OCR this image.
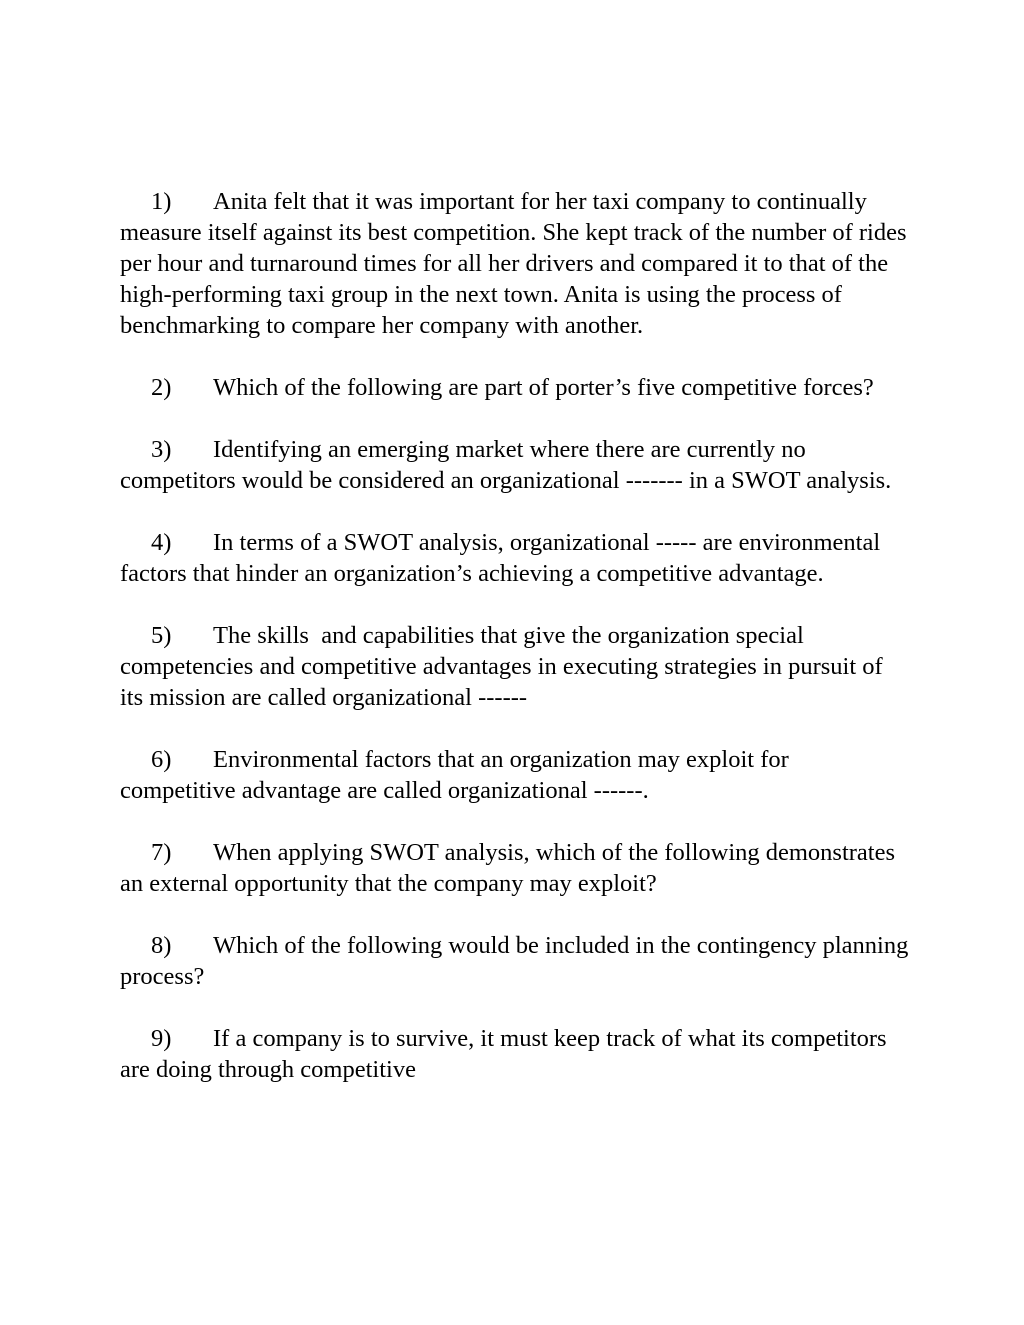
1) Anita felt that it was important for her taxi company to continually measure itself against its best competition. She kept track of the number of rides per hour and turnaround times for all her drivers and compared it to that of the high-performing taxi group in the next town. Anita is using the process of benchmarking to compare her company with another.

2) Which of the following are part of porter’s five competitive forces?

3) Identifying an emerging market where there are currently no competitors would be considered an organizational ------- in a SWOT analysis.

4) In terms of a SWOT analysis, organizational ----- are environmental factors that hinder an organization’s achieving a competitive advantage.

5) The skills  and capabilities that give the organization special competencies and competitive advantages in executing strategies in pursuit of its mission are called organizational ------

6) Environmental factors that an organization may exploit for competitive advantage are called organizational ------.

7) When applying SWOT analysis, which of the following demonstrates an external opportunity that the company may exploit?

8) Which of the following would be included in the contingency planning process?

9) If a company is to survive, it must keep track of what its competitors are doing through competitive
